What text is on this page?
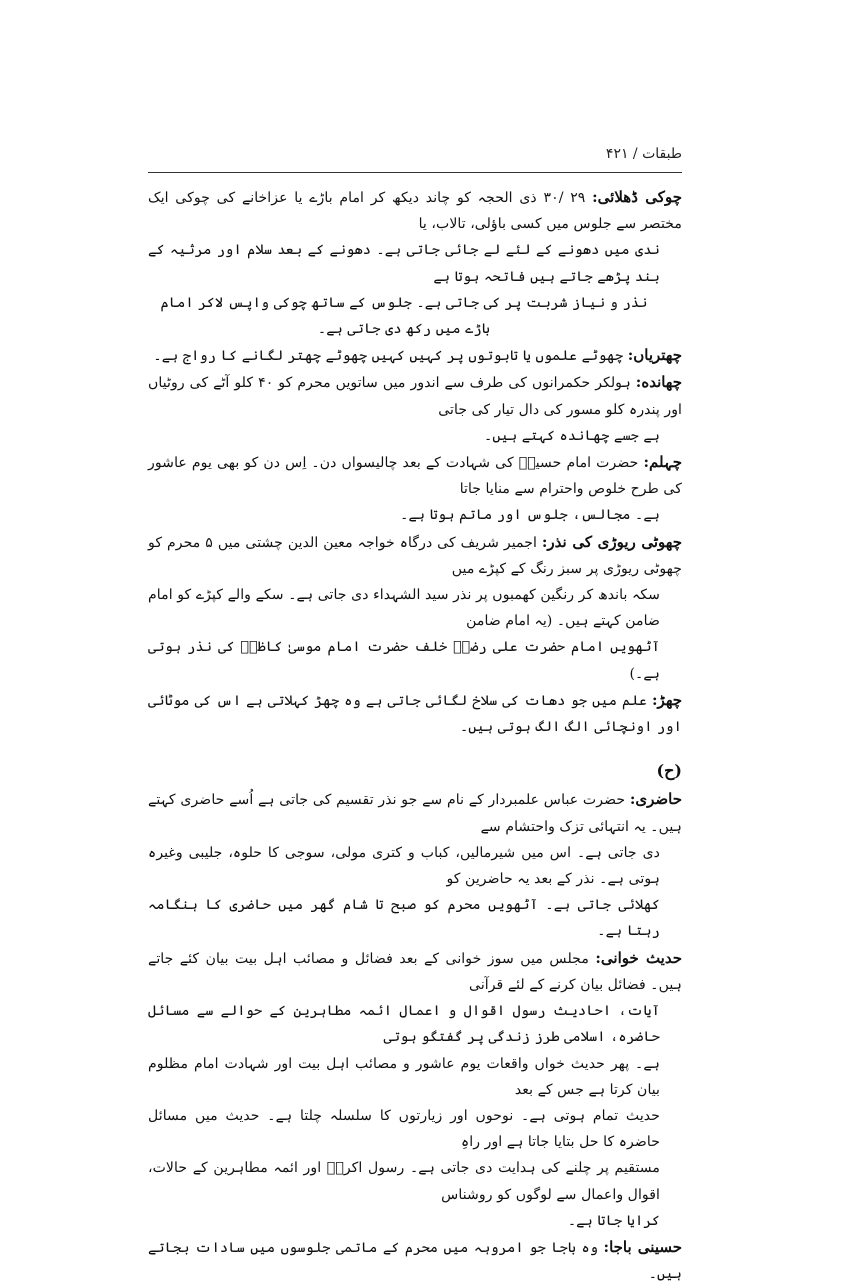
طبقات / ۴۲۱
چوکی ڈھلائی: ۲۹ /۳۰ ذی الحجہ کو چاند دیکھ کر امام باڑے یا عزاخانے کی چوکی ایک مختصر سے جلوس میں کسی باؤلی، تالاب، یا
ندی میں دھونے کے لئے لے جائی جاتی ہے۔ دھونے کے بعد سلام اور مرثیہ کے بند پڑھے جاتے ہیں فاتحہ ہوتا ہے
نذر و نیاز شربت پر کی جاتی ہے۔ جلوس کے ساتھ چوکی واپس لاکر امام باڑے میں رکھ دی جاتی ہے۔
چھتریاں: چھوٹے علموں یا تابوتوں پر کہیں کہیں چھوٹے چھتر لگانے کا رواج ہے۔
چھانده: ہولکر حکمرانوں کی طرف سے اندور میں ساتویں محرم کو ۴۰ کلو آٹے کی روٹیاں اور پندرہ کلو مسور کی دال تیار کی جاتی
ہے جسے چھاندہ کہتے ہیں۔
چہلم: حضرت امام حسینؑ کی شہادت کے بعد چالیسواں دن۔ اِس دن کو بھی یوم عاشور کی طرح خلوص واحترام سے منایا جاتا
ہے۔ مجالس، جلوس اور ماتم ہوتا ہے۔
چھوٹی ریوڑی کی نذر: اجمیر شریف کی درگاہ خواجہ معین الدین چشتی میں ۵ محرم کو چھوٹی ریوڑی پر سبز رنگ کے کپڑے میں
سکہ باندھ کر رنگین کھمبوں پر نذر سید الشہداء دی جاتی ہے۔ سکے والے کپڑے کو امام ضامن کہتے ہیں۔ (یہ امام ضامن
آٹھویں امام حضرت علی رضاؑ خلف حضرت امام موسیٰ کاظمؑ کی نذر ہوتی ہے۔)
چھڑ: علم میں جو دھات کی سلاخ لگائی جاتی ہے وہ چھڑ کہلاتی ہے اس کی موٹائی اور اونچائی الگ الگ ہوتی ہیں۔
(ح)
حاضری: حضرت عباس علمبردار کے نام سے جو نذر تقسیم کی جاتی ہے اُسے حاضری کہتے ہیں۔ یہ انتہائی تزک واحتشام سے
دی جاتی ہے۔ اس میں شیرمالیں، کباب و کتری مولی، سوجی کا حلوہ، جلیبی وغیرہ ہوتی ہے۔ نذر کے بعد یہ حاضرین کو
کھلائی جاتی ہے۔ آٹھویں محرم کو صبح تا شام گھر میں حاضری کا ہنگامہ رہتا ہے۔
حدیث خوانی: مجلس میں سوز خوانی کے بعد فضائل و مصائب اہل بیت بیان کئے جاتے ہیں۔ فضائل بیان کرنے کے لئے قرآنی
آیات، احادیث رسول اقوال و اعمال ائمہ مطاہرین کے حوالے سے مسائل حاضرہ، اسلامی طرز زندگی پر گفتگو ہوتی
ہے۔ پھر حدیث خواں واقعات یوم عاشور و مصائب اہل بیت اور شہادت امام مظلوم بیان کرتا ہے جس کے بعد
حدیث تمام ہوتی ہے۔ نوحوں اور زیارتوں کا سلسلہ چلتا ہے۔ حدیث میں مسائل حاضرہ کا حل بتایا جاتا ہے اور راہِ
مستقیم پر چلنے کی ہدایت دی جاتی ہے۔ رسول اکرمؐ اور ائمہ مطاہرین کے حالات، اقوال واعمال سے لوگوں کو روشناس
کرایا جاتا ہے۔
حسینی باجا: وہ باجا جو امروہہ میں محرم کے ماتمی جلوسوں میں سادات بجاتے ہیں۔
